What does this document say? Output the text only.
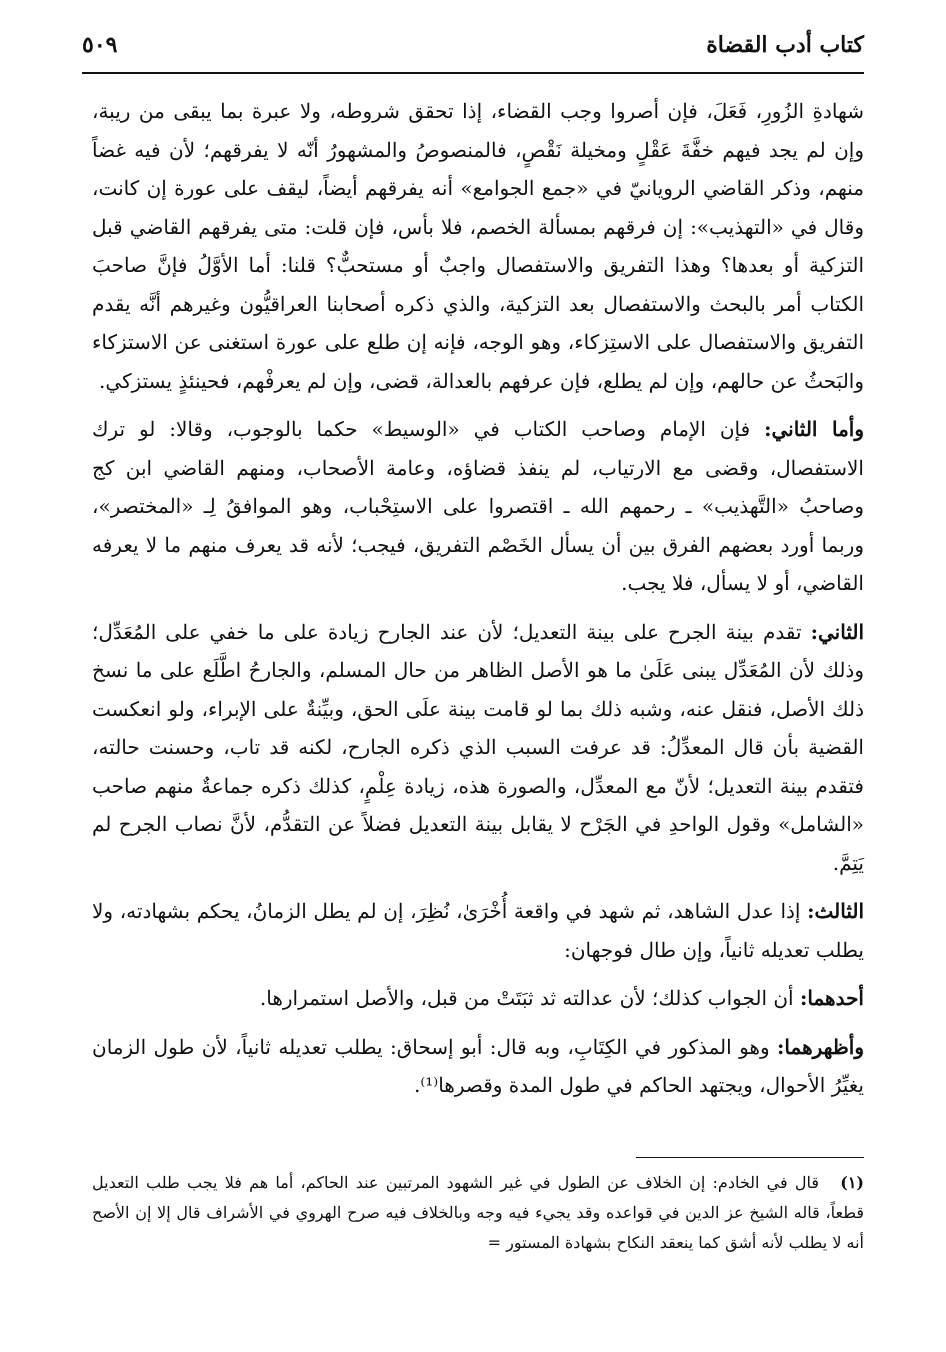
كتاب أدب القضاة
٥٠٩

شهادةِ الزُورِ، فَعَلَ، فإن أصروا وجب القضاء، إذا تحقق شروطه، ولا عبرة بما يبقى من ريبة، وإن لم يجد فيهم خفَّةَ عَقْلٍ ومخيلة نَقْصٍ، فالمنصوصُ والمشهورُ أنّه لا يفرقهم؛ لأن فيه غضاً منهم، وذكر القاضي الرويانيّ في «جمع الجوامع» أنه يفرقهم أيضاً، ليقف على عورة إن كانت، وقال في «التهذيب»: إن فرقهم بمسألة الخصم، فلا بأس، فإن قلت: متى يفرقهم القاضي قبل التزكية أو بعدها؟ وهذا التفريق والاستفصال واجبٌ أو مستحبٌّ؟ قلنا: أما الأوَّلُ فإنَّ صاحبَ الكتاب أمر بالبحث والاستفصال بعد التزكية، والذي ذكره أصحابنا العراقيُّون وغيرهم أنَّه يقدم التفريق والاستفصال على الاستِزكاء، وهو الوجه، فإنه إن طلع على عورة استغنى عن الاستزكاء والبَحثُ عن حالهم، وإن لم يطلع، فإن عرفهم بالعدالة، قضى، وإن لم يعرفْهم، فحينئذٍ يستزكي.

وأما الثاني: فإن الإمام وصاحب الكتاب في «الوسيط» حكما بالوجوب، وقالا: لو ترك الاستفصال، وقضى مع الارتياب، لم ينفذ قضاؤه، وعامة الأصحاب، ومنهم القاضي ابن كج وصاحبُ «التَّهذيب» ـ رحمهم الله ـ اقتصروا على الاستِحْباب، وهو الموافقُ لِـ «المختصر»، وربما أورد بعضهم الفرق بين أن يسأل الخَصْم التفريق، فيجب؛ لأنه قد يعرف منهم ما لا يعرفه القاضي، أو لا يسأل، فلا يجب.

الثاني: تقدم بينة الجرح على بينة التعديل؛ لأن عند الجارح زيادة على ما خفي على المُعَدِّل؛ وذلك لأن المُعَدِّل يبنى عَلَىٰ ما هو الأصل الظاهر من حال المسلم، والجارحُ اطَّلَع على ما نسخ ذلك الأصل، فنقل عنه، وشبه ذلك بما لو قامت بينة علَى الحق، وبيِّنةٌ على الإبراء، ولو انعكست القضية بأن قال المعدِّلُ: قد عرفت السبب الذي ذكره الجارح، لكنه قد تاب، وحسنت حالته، فتقدم بينة التعديل؛ لأنّ مع المعدِّل، والصورة هذه، زيادة عِلْمٍ، كذلك ذكره جماعةٌ منهم صاحب «الشامل» وقول الواحدِ في الجَرْح لا يقابل بينة التعديل فضلاً عن التقدُّم، لأنَّ نصاب الجرح لم يَتِمَّ.

الثالث: إذا عدل الشاهد، ثم شهد في واقعة أُخْرَىٰ، نُظِرَ، إن لم يطل الزمانُ، يحكم بشهادته، ولا يطلب تعديله ثانياً، وإن طال فوجهان:

أحدهما: أن الجواب كذلك؛ لأن عدالته ثد ثبَتَتْ من قبل، والأصل استمرارها.

وأظهرهما: وهو المذكور في الكِتَابِ، وبه قال: أبو إسحاق: يطلب تعديله ثانياً، لأن طول الزمان يغيِّرُ الأحوال، ويجتهد الحاكم في طول المدة وقصرها⁽¹⁾.

(١) قال في الخادم: إن الخلاف عن الطول في غير الشهود المرتبين عند الحاكم، أما هم فلا يجب طلب التعديل قطعاً، قاله الشيخ عز الدين في قواعده وقد يجيء فيه وجه وبالخلاف فيه صرح الهروي في الأشراف قال إلا إن الأصح أنه لا يطلب لأنه أشق كما ينعقد النكاح بشهادة المستور =
